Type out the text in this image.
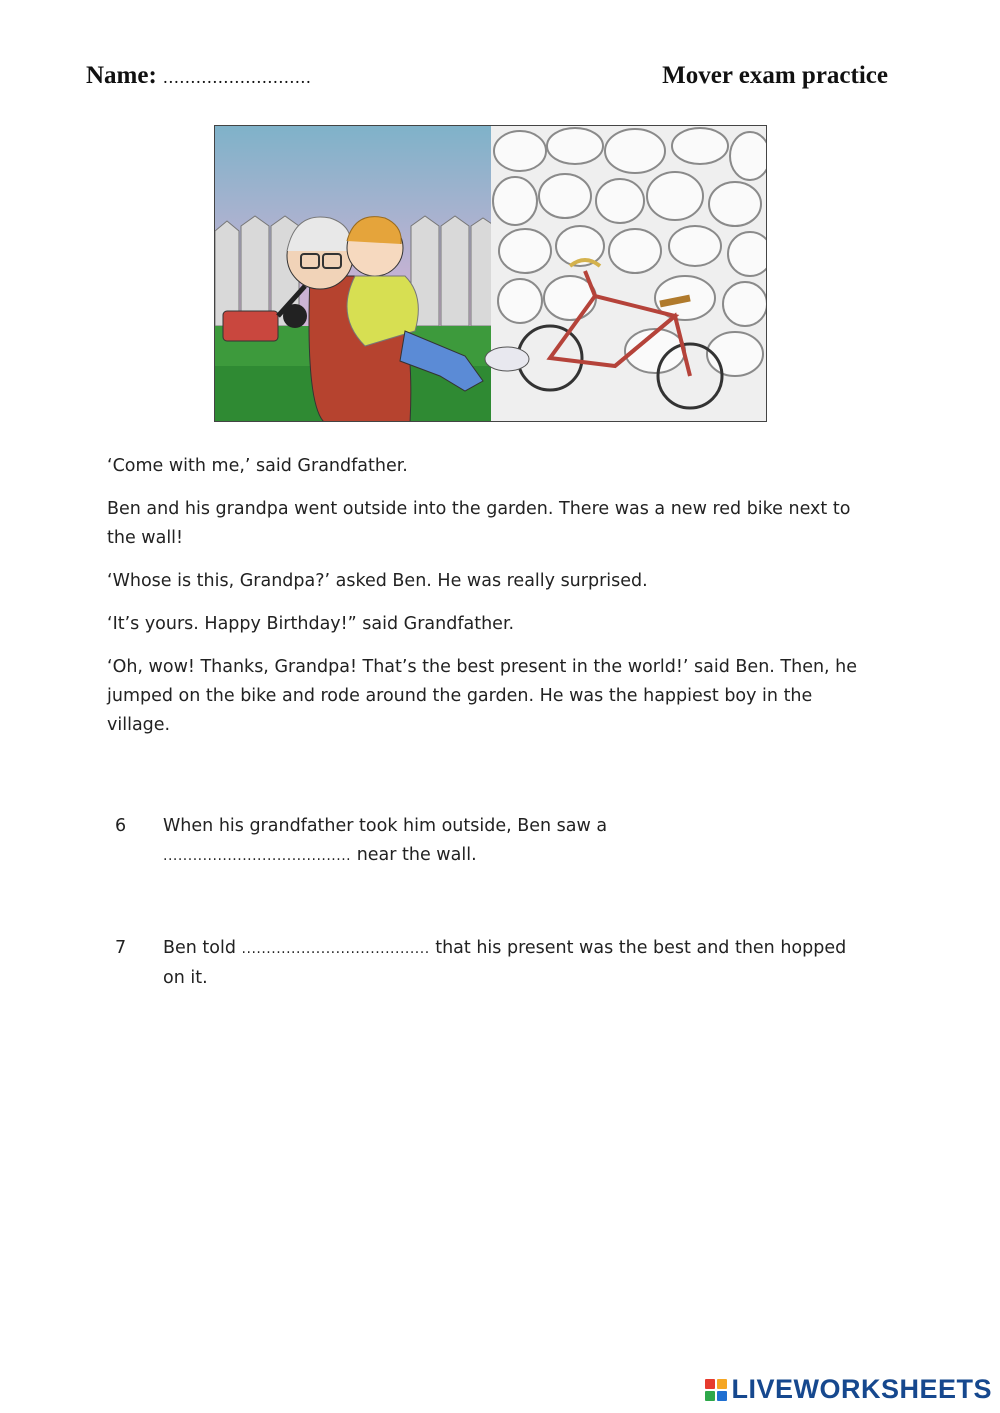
Name: ...........................	Mover exam practice

‘Come with me,’ said Grandfather.

Ben and his grandpa went outside into the garden. There was a new red bike next to the wall!

‘Whose is this, Grandpa?’ asked Ben. He was really surprised.

‘It’s yours. Happy Birthday!” said Grandfather.

‘Oh, wow! Thanks, Grandpa! That’s the best present in the world!’ said Ben. Then, he jumped on the bike and rode around the garden. He was the happiest boy in the village.

6	When his grandfather took him outside, Ben saw a
...................................... near the wall.
7	Ben told ...................................... that his present was the best and then hopped on it.
LIVEWORKSHEETS
